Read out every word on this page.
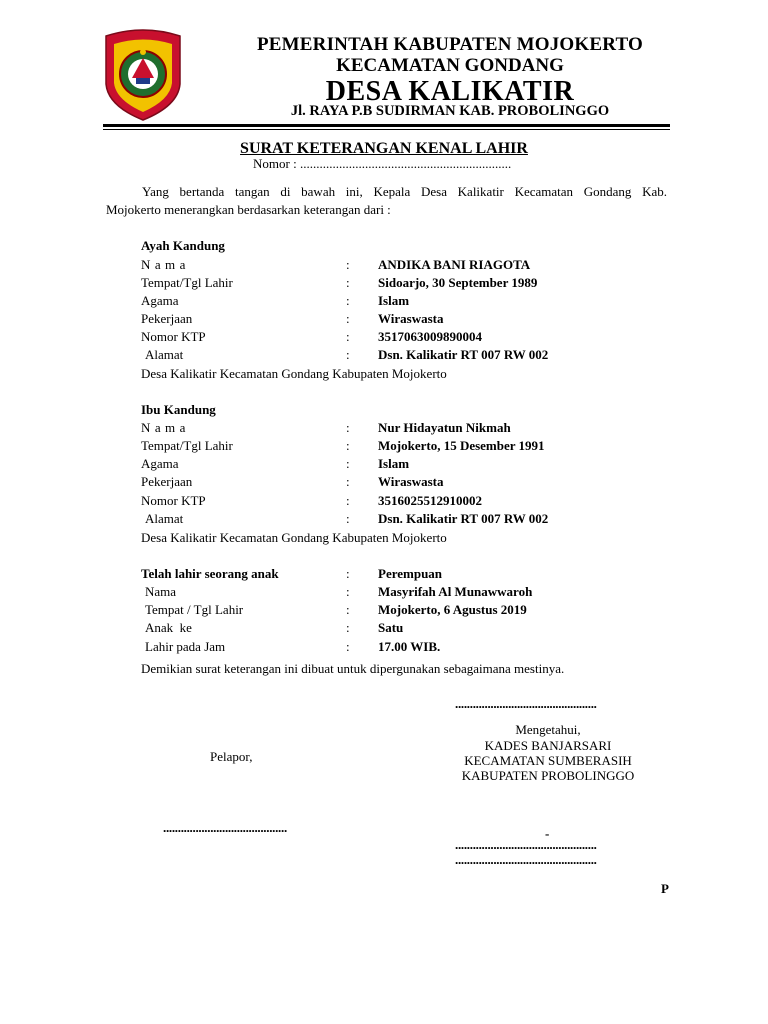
PEMERINTAH KABUPATEN MOJOKERTO
KECAMATAN GONDANG
DESA KALIKATIR
Jl. RAYA P.B SUDIRMAN KAB. PROBOLINGGO
SURAT KETERANGAN KENAL LAHIR
Nomor : .................................................................
Yang bertanda tangan di bawah ini, Kepala Desa Kalikatir Kecamatan Gondang Kab.
Mojokerto menerangkan berdasarkan keterangan dari :
Ayah Kandung
N a m a	: ANDIKA BANI RIAGOTA
Tempat/Tgl Lahir	: Sidoarjo, 30 September 1989
Agama	: Islam
Pekerjaan	: Wiraswasta
Nomor KTP	: 3517063009890004
Alamat	: Dsn. Kalikatir RT 007 RW 002
Desa Kalikatir Kecamatan Gondang Kabupaten Mojokerto
Ibu Kandung
N a m a	: Nur Hidayatun Nikmah
Tempat/Tgl Lahir	: Mojokerto, 15 Desember 1991
Agama	: Islam
Pekerjaan	: Wiraswasta
Nomor KTP	: 3516025512910002
Alamat	: Dsn. Kalikatir RT 007 RW 002
Desa Kalikatir Kecamatan Gondang Kabupaten Mojokerto
Telah lahir seorang anak	: Perempuan
Nama	: Masyrifah Al Munawwaroh
Tempat / Tgl Lahir	: Mojokerto, 6 Agustus 2019
Anak  ke	: Satu
Lahir pada Jam	: 17.00 WIB.
Demikian surat keterangan ini dibuat untuk dipergunakan sebagaimana mestinya.
................................................
Mengetahui,
KADES BANJARSARI
KECAMATAN SUMBERASIH
KABUPATEN PROBOLINGGO
Pelapor,
..........................................	-
................................................
................................................
P
